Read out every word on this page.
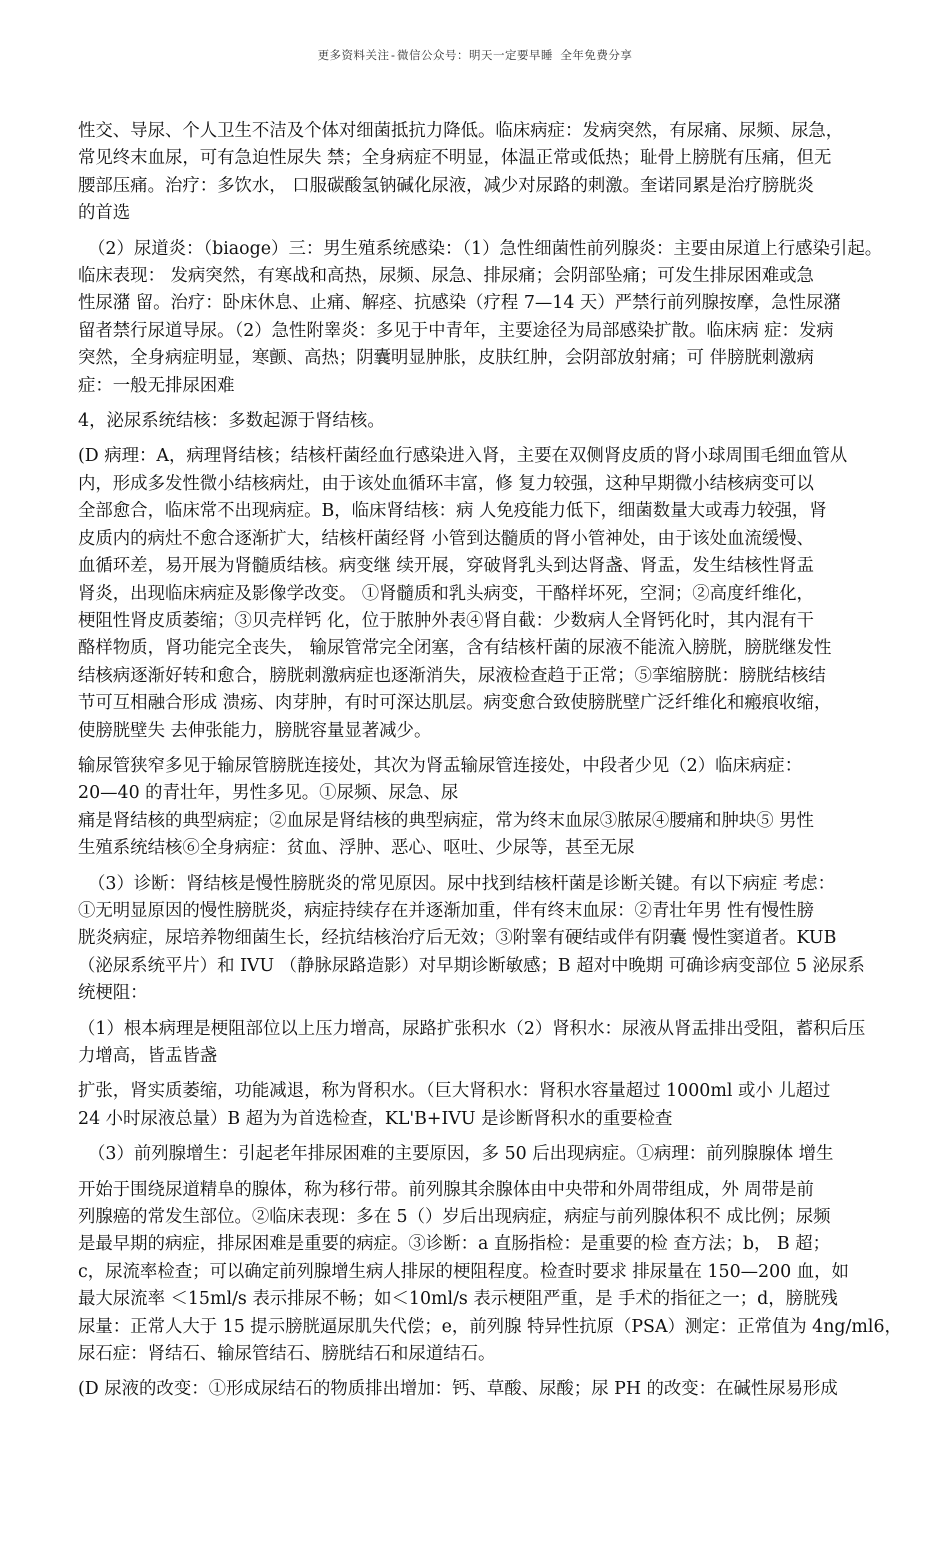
更多资料关注-微信公众号：明天一定要早睡 全年免费分享
性交、导尿、个人卫生不洁及个体对细菌抵抗力降低。临床病症：发病突然，有尿痛、尿频、尿急，
常见终末血尿，可有急迫性尿失 禁；全身病症不明显，体温正常或低热；耻骨上膀胱有压痛，但无
腰部压痛。治疗：多饮水， 口服碳酸氢钠碱化尿液，减少对尿路的刺激。奎诺同累是治疗膀胱炎
的首选
（2）尿道炎：（biaoge）三：男生殖系统感染：（1）急性细菌性前列腺炎：主要由尿道上行感染引起。
临床表现： 发病突然，有寒战和高热，尿频、尿急、排尿痛；会阴部坠痛；可发生排尿困难或急
性尿潴 留。治疗：卧床休息、止痛、解痉、抗感染（疗程 7—14 天）严禁行前列腺按摩，急性尿潴
留者禁行尿道导尿。（2）急性附睾炎：多见于中青年，主要途径为局部感染扩散。临床病 症：发病
突然，全身病症明显，寒颤、高热；阴囊明显肿胀，皮肤红肿，会阴部放射痛；可 伴膀胱刺激病
症：一般无排尿困难
4，泌尿系统结核：多数起源于肾结核。
(D 病理：A，病理肾结核；结核杆菌经血行感染进入肾，主要在双侧肾皮质的肾小球周围毛细血管从
内，形成多发性微小结核病灶，由于该处血循环丰富，修 复力较强，这种早期微小结核病变可以
全部愈合，临床常不出现病症。B，临床肾结核：病 人免疫能力低下，细菌数量大或毒力较强，肾
皮质内的病灶不愈合逐渐扩大，结核杆菌经肾 小管到达髓质的肾小管神处，由于该处血流缓慢、
血循环差，易开展为肾髓质结核。病变继 续开展，穿破肾乳头到达肾盏、肾盂，发生结核性肾盂
肾炎，出现临床病症及影像学改变。 ①肾髓质和乳头病变，干酪样坏死，空洞；②高度纤维化，
梗阻性肾皮质萎缩；③贝壳样钙 化，位于脓肿外表④肾自截：少数病人全肾钙化时，其内混有干
酪样物质，肾功能完全丧失， 输尿管常完全闭塞，含有结核杆菌的尿液不能流入膀胱，膀胱继发性
结核病逐渐好转和愈合，膀胱刺激病症也逐渐消失，尿液检查趋于正常；⑤挛缩膀胱：膀胱结核结
节可互相融合形成 溃疡、肉芽肿，有时可深达肌层。病变愈合致使膀胱壁广泛纤维化和瘢痕收缩，
使膀胱壁失 去伸张能力，膀胱容量显著减少。
输尿管狭窄多见于输尿管膀胱连接处，其次为肾盂输尿管连接处，中段者少见（2）临床病症：
20—40 的青壮年，男性多见。①尿频、尿急、尿
痛是肾结核的典型病症；②血尿是肾结核的典型病症，常为终末血尿③脓尿④腰痛和肿块⑤ 男性
生殖系统结核⑥全身病症：贫血、浮肿、恶心、呕吐、少尿等，甚至无尿
（3）诊断：肾结核是慢性膀胱炎的常见原因。尿中找到结核杆菌是诊断关键。有以下病症 考虑：
①无明显原因的慢性膀胱炎，病症持续存在并逐渐加重，伴有终末血尿：②青壮年男 性有慢性膀
胱炎病症，尿培养物细菌生长，经抗结核治疗后无效；③附睾有硬结或伴有阴囊 慢性窦道者。KUB
（泌尿系统平片）和 IVU （静脉尿路造影）对早期诊断敏感；B 超对中晚期 可确诊病变部位 5 泌尿系
统梗阻：
（1）根本病理是梗阻部位以上压力增高，尿路扩张积水（2）肾积水：尿液从肾盂排出受阻，蓄积后压
力增高，皆盂皆盏
扩张，肾实质萎缩，功能减退，称为肾积水。（巨大肾积水：肾积水容量超过 1000ml 或小 儿超过
24 小时尿液总量）B 超为为首选检查，KL'B+IVU 是诊断肾积水的重要检查
（3）前列腺增生：引起老年排尿困难的主要原因，多 50 后出现病症。①病理：前列腺腺体 增生
开始于围绕尿道精阜的腺体，称为移行带。前列腺其余腺体由中央带和外周带组成，外 周带是前
列腺癌的常发生部位。②临床表现：多在 5（）岁后出现病症，病症与前列腺体积不 成比例；尿频
是最早期的病症，排尿困难是重要的病症。③诊断：a 直肠指检：是重要的检 查方法；b， B 超；
c，尿流率检查；可以确定前列腺增生病人排尿的梗阻程度。检查时要求 排尿量在 150—200 血，如
最大尿流率 ＜15ml/s 表示排尿不畅；如＜10ml/s 表示梗阻严重，是 手术的指征之一；d，膀胱残
尿量：正常人大于 15 提示膀胱逼尿肌失代偿；e，前列腺 特异性抗原（PSA）测定：正常值为 4ng/ml6，
尿石症：肾结石、输尿管结石、膀胱结石和尿道结石。
(D 尿液的改变：①形成尿结石的物质排出增加：钙、草酸、尿酸；尿 PH 的改变：在碱性尿易形成
